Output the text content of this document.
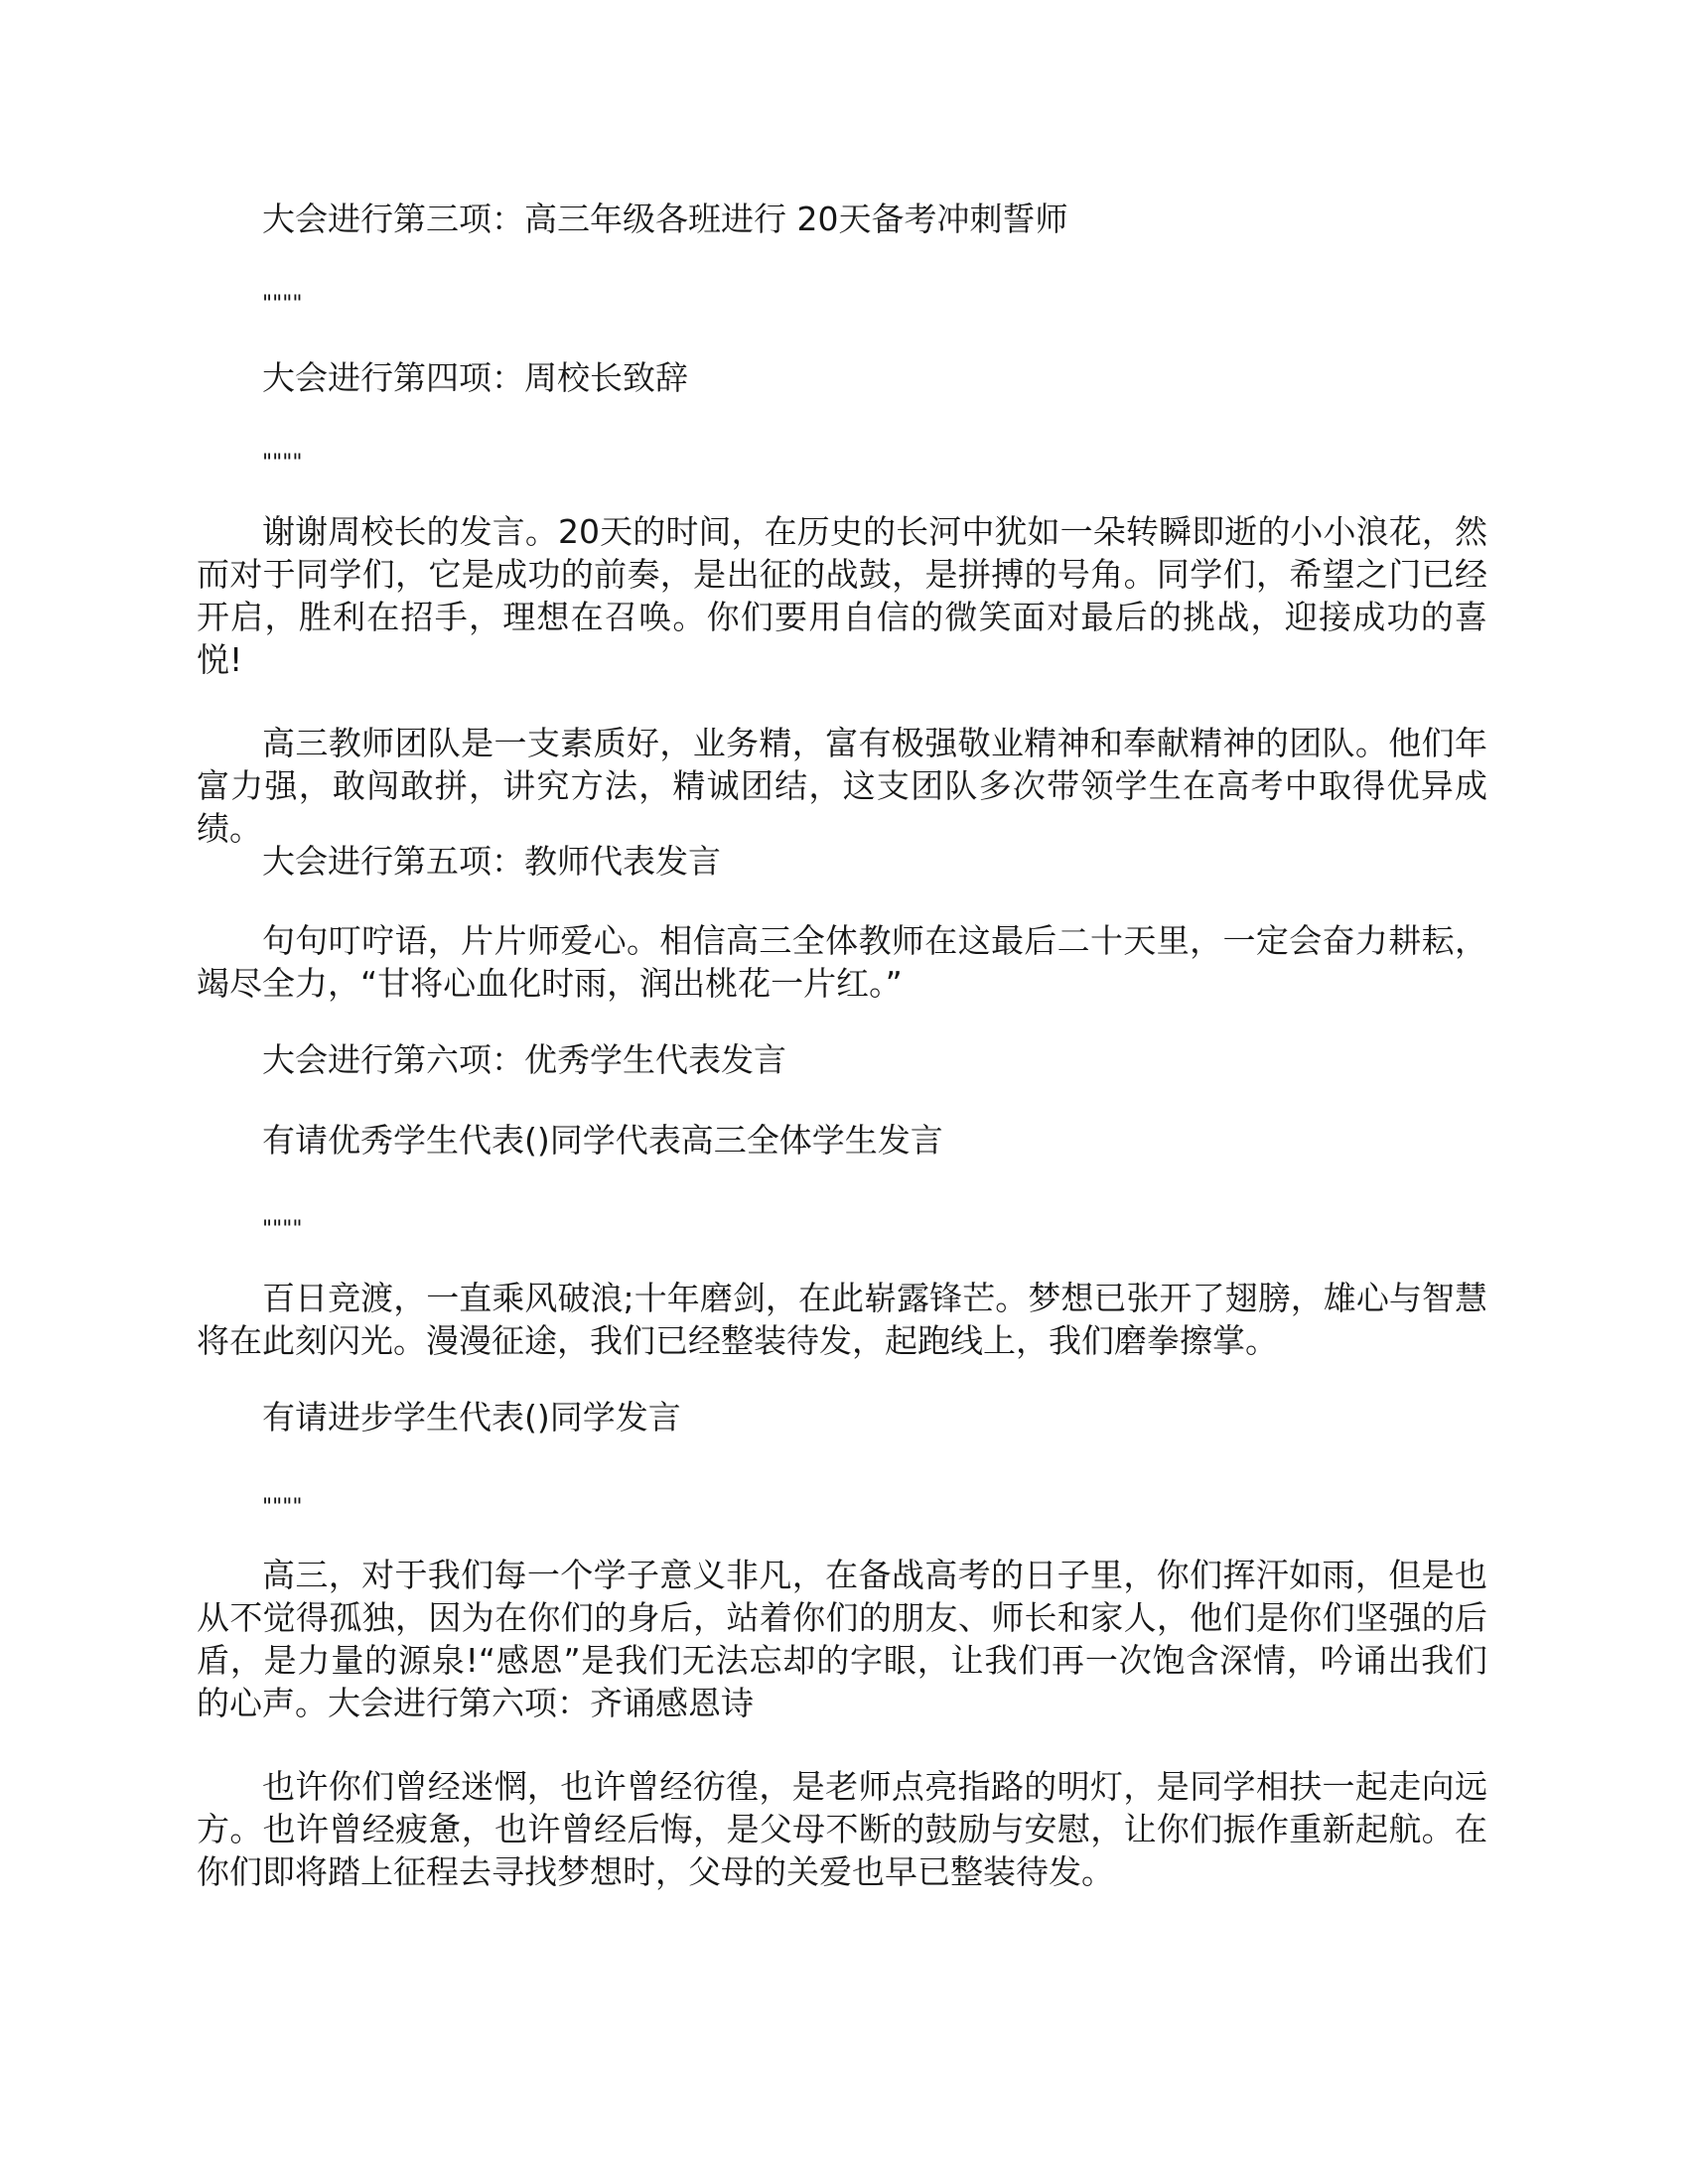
大会进行第三项：高三年级各班进行 20天备考冲刺誓师

""""

大会进行第四项：周校长致辞

""""

谢谢周校长的发言。20天的时间，在历史的长河中犹如一朵转瞬即逝的小小浪花，然而对于同学们，它是成功的前奏，是出征的战鼓，是拼搏的号角。同学们，希望之门已经开启，胜利在招手，理想在召唤。你们要用自信的微笑面对最后的挑战，迎接成功的喜悦!

高三教师团队是一支素质好，业务精，富有极强敬业精神和奉献精神的团队。他们年富力强，敢闯敢拼，讲究方法，精诚团结，这支团队多次带领学生在高考中取得优异成绩。

大会进行第五项：教师代表发言

句句叮咛语，片片师爱心。相信高三全体教师在这最后二十天里，一定会奋力耕耘，竭尽全力，“甘将心血化时雨，润出桃花一片红。”

大会进行第六项：优秀学生代表发言

有请优秀学生代表()同学代表高三全体学生发言

""""

百日竞渡，一直乘风破浪;十年磨剑，在此崭露锋芒。梦想已张开了翅膀，雄心与智慧将在此刻闪光。漫漫征途，我们已经整装待发，起跑线上，我们磨拳擦掌。

有请进步学生代表()同学发言

""""

高三，对于我们每一个学子意义非凡，在备战高考的日子里，你们挥汗如雨，但是也从不觉得孤独，因为在你们的身后，站着你们的朋友、师长和家人，他们是你们坚强的后盾，是力量的源泉!“感恩”是我们无法忘却的字眼，让我们再一次饱含深情，吟诵出我们的心声。大会进行第六项：齐诵感恩诗

也许你们曾经迷惘，也许曾经彷徨，是老师点亮指路的明灯，是同学相扶一起走向远方。也许曾经疲惫，也许曾经后悔，是父母不断的鼓励与安慰，让你们振作重新起航。在你们即将踏上征程去寻找梦想时，父母的关爱也早已整装待发。
